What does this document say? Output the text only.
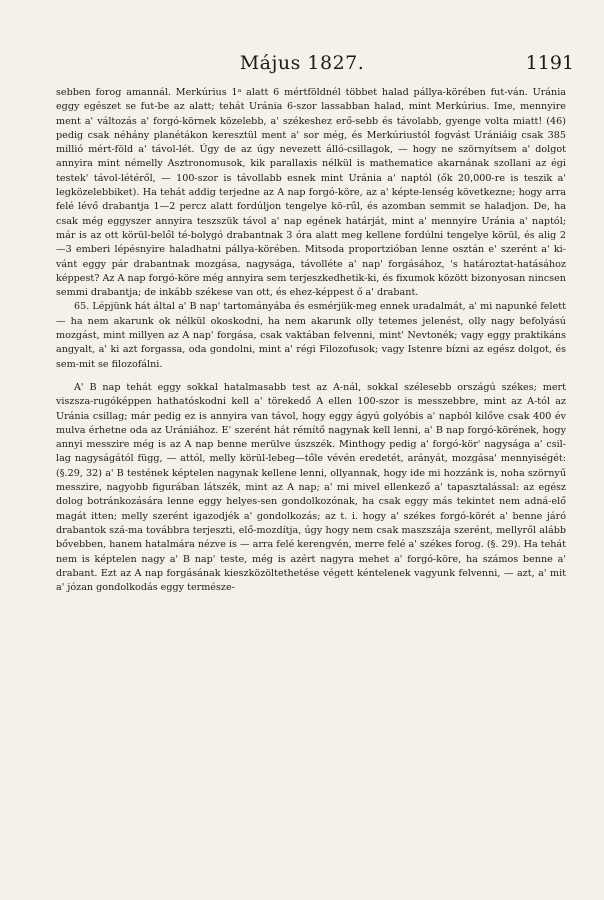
Május 1827.	1191

sebben forog amannál. Merkúrius 1ᵃ alatt 6 mértföldnél többet halad pállya-körében fut-ván. Uránia eggy egészet se fut-be az alatt; tehát Uránia 6-szor lassabban halad, mint Merkúrius. Ime, mennyire ment a' változás a' forgó-körnek közelebb, a' székeshez erő-sebb és távolabb, gyenge volta miatt! (46) pedig csak néhány planétákon keresztül ment a' sor még, és Merkúriustól fogvást Urániáig csak 385 millió mért-föld a' távol-lét. Úgy de az úgy nevezett álló-csillagok, — hogy ne szörnyítsem a' dolgot annyira mint némelly Asztronomusok, kik parallaxis nélkül is mathematice akarnának szollani az égi testek' távol-létéről, — 100-szor is távollabb esnek mint Uránia a' naptól (ők 20,000-re is teszik a' legközelebbiket). Ha tehát addig terjedne az A nap forgó-köre, az a' képte-lenség következne; hogy arra felé lévő drabantja 1—2 percz alatt fordúljon tengelye kö-rűl, és azomban semmit se haladjon. De, ha csak még eggyszer annyira teszszük távol a' nap egének határját, mint a' mennyire Uránia a' naptól; már is az ott körül-belől té-bolygó drabantnak 3 óra alatt meg kellene fordúlni tengelye körül, és alig 2—3 emberi lépésnyire haladhatni pállya-körében. Mitsoda proportzióban lenne osztán e' szerént a' ki-vánt eggy pár drabantnak mozgása, nagysága, távolléte a' nap' forgásához, 's határoztat-hatásához képpest? Az A nap forgó-köre még annyira sem terjeszkedhetik-ki, és fixumok között bizonyosan nincsen semmi drabantja; de inkább székese van ott, és ehez-képpest ő a' drabant.

65. Lépjünk hát által a' B nap' tartományába és esmérjük-meg ennek uradalmát, a' mi napunké felett — ha nem akarunk ok nélkül okoskodni, ha nem akarunk olly tetemes jelenést, olly nagy befolyású mozgást, mint millyen az A nap' forgása, csak vaktában felvenni, mint' Nevtonék; vagy eggy praktikáns angyalt, a' ki azt forgassa, oda gondolni, mint a' régi Filozofusok; vagy Istenre bízni az egész dolgot, és sem-mit se filozofálni.

A' B nap tehát eggy sokkal hatalmasabb test az A-nál, sokkal szélesebb országú székes; mert viszsza-rugóképpen hathatóskodni kell a' törekedő A ellen 100-szor is messzebbre, mint az A-tól az Uránia csillag; már pedig ez is annyira van távol, hogy eggy ágyú golyóbis a' napból kilőve csak 400 év mulva érhetne oda az Urániához. E' szerént hát rémítő nagynak kell lenni, a' B nap forgó-körének, hogy annyi messzire még is az A nap benne merülve úszszék. Minthogy pedig a' forgó-kör' nagysága a' csil-lag nagyságától függ, — attól, melly körül-lebeg—tőle vévén eredetét, arányát, mozgása' mennyiségét: (§.29, 32) a' B testének képtelen nagynak kellene lenni, ollyannak, hogy ide mi hozzánk is, noha szörnyű messzire, nagyobb figurában látszék, mint az A nap; a' mi mivel ellenkező a' tapasztalással: az egész dolog botránkozására lenne eggy helyes-sen gondolkozónak, ha csak eggy más tekintet nem adná-elő magát itten; melly szerént igazodjék a' gondolkozás; az t. i. hogy a' székes forgó-körét a' benne járó drabantok szá-ma továbbra terjeszti, elő-mozdítja, úgy hogy nem csak maszszája szerént, mellyről alább bővebben, hanem hatalmára nézve is — arra felé kerengvén, merre felé a' székes forog. (§. 29). Ha tehát nem is képtelen nagy a' B nap' teste, még is azért nagyra mehet a' forgó-köre, ha számos benne a' drabant. Ezt az A nap forgásának kieszközöltethetése végett kéntelenek vagyunk felvenni, — azt, a' mit a' józan gondolkodás eggy természe-
